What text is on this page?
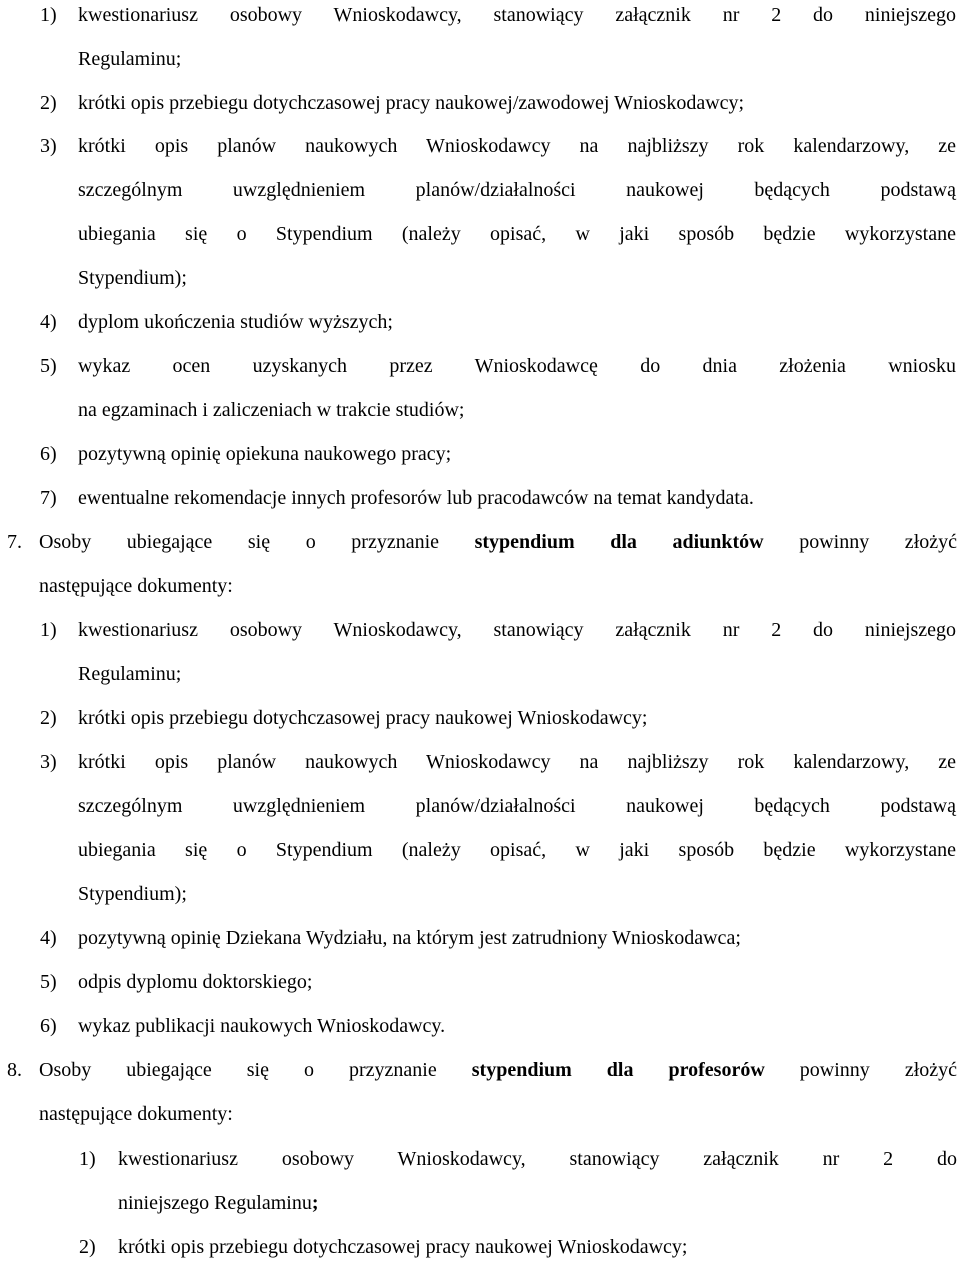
1) kwestionariusz osobowy Wnioskodawcy, stanowiący załącznik nr 2 do niniejszego
Regulaminu;
2) krótki opis przebiegu dotychczasowej pracy naukowej/zawodowej Wnioskodawcy;
3) krótki opis planów naukowych Wnioskodawcy na najbliższy rok kalendarzowy, ze
szczególnym uwzględnieniem planów/działalności naukowej będących podstawą
ubiegania się o Stypendium (należy opisać, w jaki sposób będzie wykorzystane
Stypendium);
4) dyplom ukończenia studiów wyższych;
5) wykaz ocen uzyskanych przez Wnioskodawcę do dnia złożenia wniosku
na egzaminach i zaliczeniach w trakcie studiów;
6) pozytywną opinię opiekuna naukowego pracy;
7) ewentualne rekomendacje innych profesorów lub pracodawców na temat kandydata.
7. Osoby ubiegające się o przyznanie stypendium dla adiunktów powinny złożyć
następujące dokumenty:
1) kwestionariusz osobowy Wnioskodawcy, stanowiący załącznik nr 2 do niniejszego
Regulaminu;
2) krótki opis przebiegu dotychczasowej pracy naukowej Wnioskodawcy;
3) krótki opis planów naukowych Wnioskodawcy na najbliższy rok kalendarzowy, ze
szczególnym uwzględnieniem planów/działalności naukowej będących podstawą
ubiegania się o Stypendium (należy opisać, w jaki sposób będzie wykorzystane
Stypendium);
4) pozytywną opinię Dziekana Wydziału, na którym jest zatrudniony Wnioskodawca;
5) odpis dyplomu doktorskiego;
6) wykaz publikacji naukowych Wnioskodawcy.
8. Osoby ubiegające się o przyznanie stypendium dla profesorów powinny złożyć
następujące dokumenty:
1) kwestionariusz osobowy Wnioskodawcy, stanowiący załącznik nr 2 do
niniejszego Regulaminu;
2) krótki opis przebiegu dotychczasowej pracy naukowej Wnioskodawcy;
